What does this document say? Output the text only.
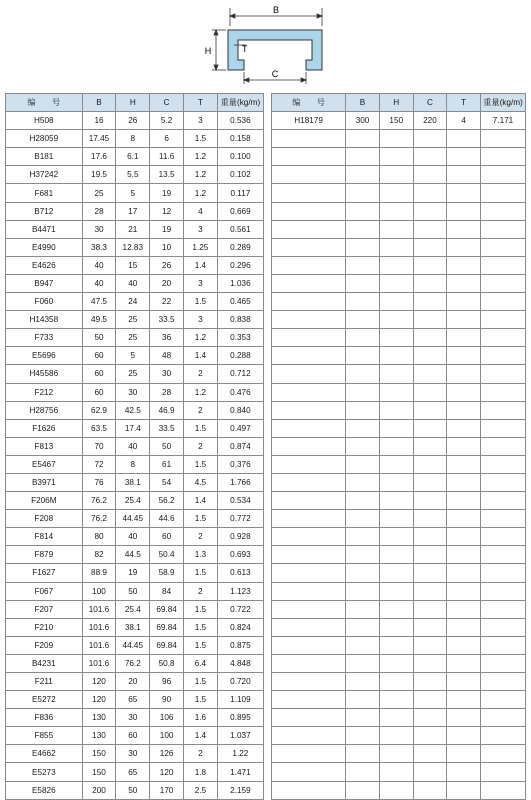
B
H	T
C
编　　号	B	H	C	T	重量(kg/m)
H508	16	26	5.2	3	0.536
H28059	17.45	8	6	1.5	0.158
B181	17.6	6.1	11.6	1.2	0.100
H37242	19.5	5.5	13.5	1.2	0.102
F681	25	5	19	1.2	0.117
B712	28	17	12	4	0.669
B4471	30	21	19	3	0.561
E4990	38.3	12.83	10	1.25	0.289
E4626	40	15	26	1.4	0.296
B947	40	40	20	3	1.036
F060	47.5	24	22	1.5	0.465
H14358	49.5	25	33.5	3	0.838
F733	50	25	36	1.2	0.353
E5696	60	5	48	1.4	0.288
H45586	60	25	30	2	0.712
F212	60	30	28	1.2	0.476
H28756	62.9	42.5	46.9	2	0.840
F1626	63.5	17.4	33.5	1.5	0.497
F813	70	40	50	2	0.874
E5467	72	8	61	1.5	0.376
B3971	76	38.1	54	4.5	1.766
F206M	76.2	25.4	56.2	1.4	0.534
F208	76.2	44.45	44.6	1.5	0.772
F814	80	40	60	2	0.928
F879	82	44.5	50.4	1.3	0.693
F1627	88.9	19	58.9	1.5	0.613
F067	100	50	84	2	1.123
F207	101.6	25.4	69.84	1.5	0.722
F210	101.6	38.1	69.84	1.5	0.824
F209	101.6	44.45	69.84	1.5	0.875
B4231	101.6	76.2	50.8	6.4	4.848
F211	120	20	96	1.5	0.720
E5272	120	65	90	1.5	1.109
F836	130	30	106	1.6	0.895
F855	130	60	100	1.4	1.037
E4662	150	30	126	2	1.22
E5273	150	65	120	1.8	1.471
E5826	200	50	170	2.5	2.159
编　　号	B	H	C	T	重量(kg/m)
H18179	300	150	220	4	7.171
